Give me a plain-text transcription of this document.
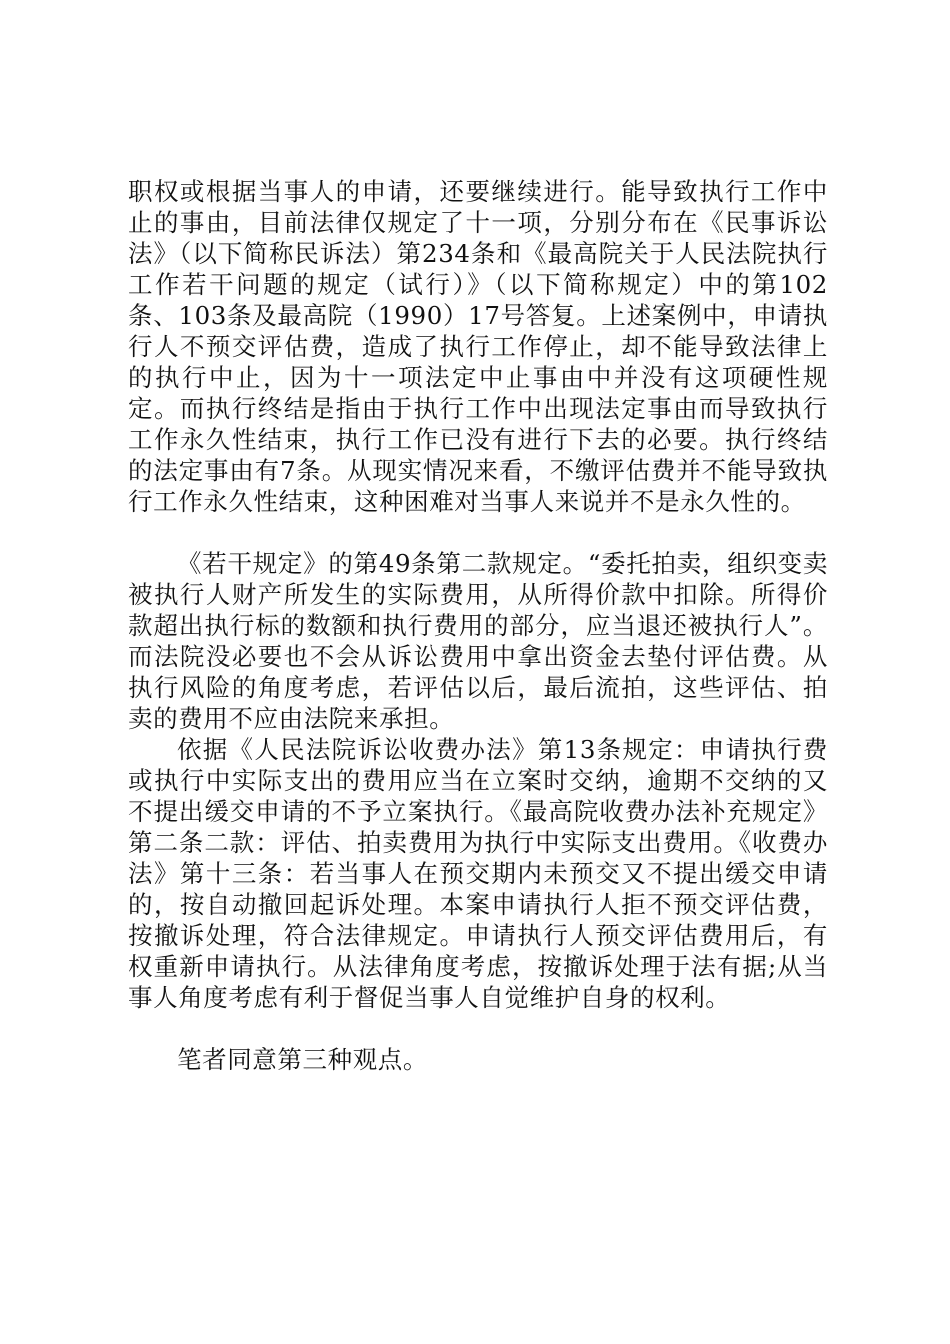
职权或根据当事人的申请，还要继续进行。能导致执行工作中止的事由，目前法律仅规定了十一项，分别分布在《民事诉讼法》（以下简称民诉法）第234条和《最高院关于人民法院执行工作若干问题的规定（试行）》（以下简称规定）中的第102条、103条及最高院（1990）17号答复。上述案例中，申请执行人不预交评估费，造成了执行工作停止，却不能导致法律上的执行中止，因为十一项法定中止事由中并没有这项硬性规定。而执行终结是指由于执行工作中出现法定事由而导致执行工作永久性结束，执行工作已没有进行下去的必要。执行终结的法定事由有7条。从现实情况来看，不缴评估费并不能导致执行工作永久性结束，这种困难对当事人来说并不是永久性的。

《若干规定》的第49条第二款规定。“委托拍卖，组织变卖被执行人财产所发生的实际费用，从所得价款中扣除。所得价款超出执行标的数额和执行费用的部分，应当退还被执行人”。而法院没必要也不会从诉讼费用中拿出资金去垫付评估费。从执行风险的角度考虑，若评估以后，最后流拍，这些评估、拍卖的费用不应由法院来承担。

依据《人民法院诉讼收费办法》第13条规定：申请执行费或执行中实际支出的费用应当在立案时交纳，逾期不交纳的又不提出缓交申请的不予立案执行。《最高院收费办法补充规定》第二条二款：评估、拍卖费用为执行中实际支出费用。《收费办法》第十三条：若当事人在预交期内未预交又不提出缓交申请的，按自动撤回起诉处理。本案申请执行人拒不预交评估费，按撤诉处理，符合法律规定。申请执行人预交评估费用后，有权重新申请执行。从法律角度考虑，按撤诉处理于法有据;从当事人角度考虑有利于督促当事人自觉维护自身的权利。

笔者同意第三种观点。
